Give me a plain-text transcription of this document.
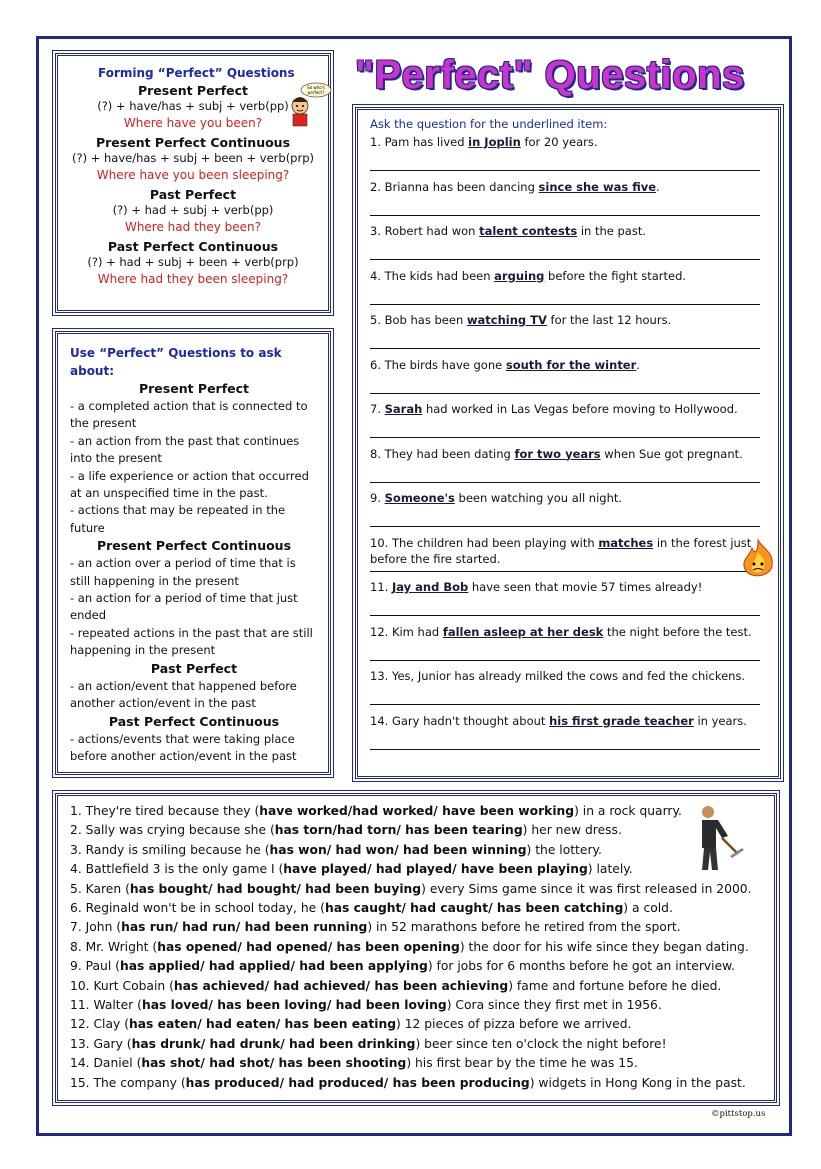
Forming “Perfect” Questions
Present Perfect
(?) + have/has + subj + verb(pp)
Where have you been?
Present Perfect Continuous
(?) + have/has + subj + been + verb(prp)
Where have you been sleeping?
Past Perfect
(?) + had + subj + verb(pp)
Where had they been?
Past Perfect Continuous
(?) + had + subj + been + verb(prp)
Where had they been sleeping?
So who's
perfect? "Perfect" Questions
Use “Perfect” Questions to ask about:
Present Perfect
- a completed action that is connected to the present
- an action from the past that continues into the present
- a life experience or action that occurred at an unspecified time in the past.
- actions that may be repeated in the future
Present Perfect Continuous
- an action over a period of time that is still happening in the present
- an action for a period of time that just ended
- repeated actions in the past that are still happening in the present
Past Perfect
- an action/event that happened before another action/event in the past
Past Perfect Continuous
- actions/events that were taking place before another action/event in the past
Ask the question for the underlined item:
1. Pam has lived in Joplin for 20 years.
2. Brianna has been dancing since she was five.
3. Robert had won talent contests in the past.
4. The kids had been arguing before the fight started.
5. Bob has been watching TV for the last 12 hours.
6. The birds have gone south for the winter.
7. Sarah had worked in Las Vegas before moving to Hollywood.
8. They had been dating for two years when Sue got pregnant.
9. Someone's been watching you all night.
10. The children had been playing with matches in the forest just before the fire started.
11. Jay and Bob have seen that movie 57 times already!
12. Kim had fallen asleep at her desk the night before the test.
13. Yes, Junior has already milked the cows and fed the chickens.
14. Gary hadn't thought about his first grade teacher in years.
1. They're tired because they (have worked/had worked/ have been working) in a rock quarry.
2. Sally was crying because she (has torn/had torn/ has been tearing) her new dress.
3. Randy is smiling because he (has won/ had won/ had been winning) the lottery.
4. Battlefield 3 is the only game I (have played/ had played/ have been playing) lately.
5. Karen (has bought/ had bought/ had been buying) every Sims game since it was first released in 2000.
6. Reginald won't be in school today, he (has caught/ had caught/ has been catching) a cold.
7. John (has run/ had run/ had been running) in 52 marathons before he retired from the sport.
8. Mr. Wright (has opened/ had opened/ has been opening) the door for his wife since they began dating.
9. Paul (has applied/ had applied/ had been applying) for jobs for 6 months before he got an interview.
10. Kurt Cobain (has achieved/ had achieved/ has been achieving) fame and fortune before he died.
11. Walter (has loved/ has been loving/ had been loving) Cora since they first met in 1956.
12. Clay (has eaten/ had eaten/ has been eating) 12 pieces of pizza before we arrived.
13. Gary (has drunk/ had drunk/ had been drinking) beer since ten o'clock the night before!
14. Daniel (has shot/ had shot/ has been shooting) his first bear by the time he was 15.
15. The company (has produced/ had produced/ has been producing) widgets in Hong Kong in the past.
©pittstop.us
